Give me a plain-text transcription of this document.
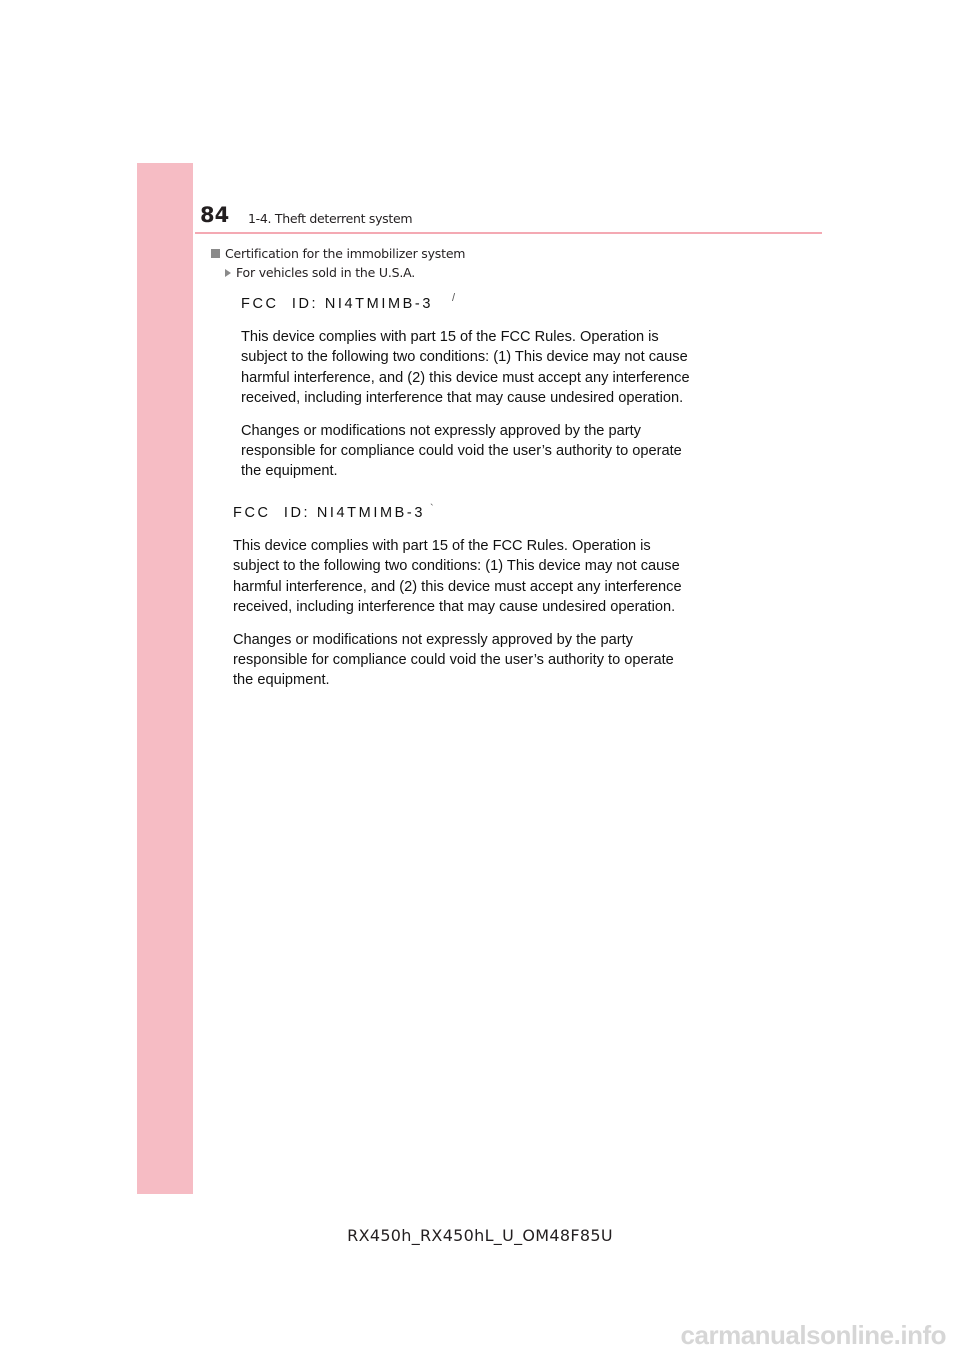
84 1-4. Theft deterrent system
Certification for the immobilizer system
For vehicles sold in the U.S.A.
FCC  ID: NI4TMIMB-3

This device complies with part 15 of the FCC Rules. Operation is
subject to the following two conditions: (1) This device may not cause
harmful interference, and (2) this device must accept any interference
received, including interference that may cause undesired operation.

Changes or modifications not expressly approved by the party
responsible for compliance could void the user’s authority to operate
the equipment.

/
FCC  ID: NI4TMIMB-3

This device complies with part 15 of the FCC Rules. Operation is
subject to the following two conditions: (1) This device may not cause
harmful interference, and (2) this device must accept any interference
received, including interference that may cause undesired operation.

Changes or modifications not expressly approved by the party
responsible for compliance could void the user’s authority to operate
the equipment.

`
RX450h_RX450hL_U_OM48F85U
carmanualsonline.info
